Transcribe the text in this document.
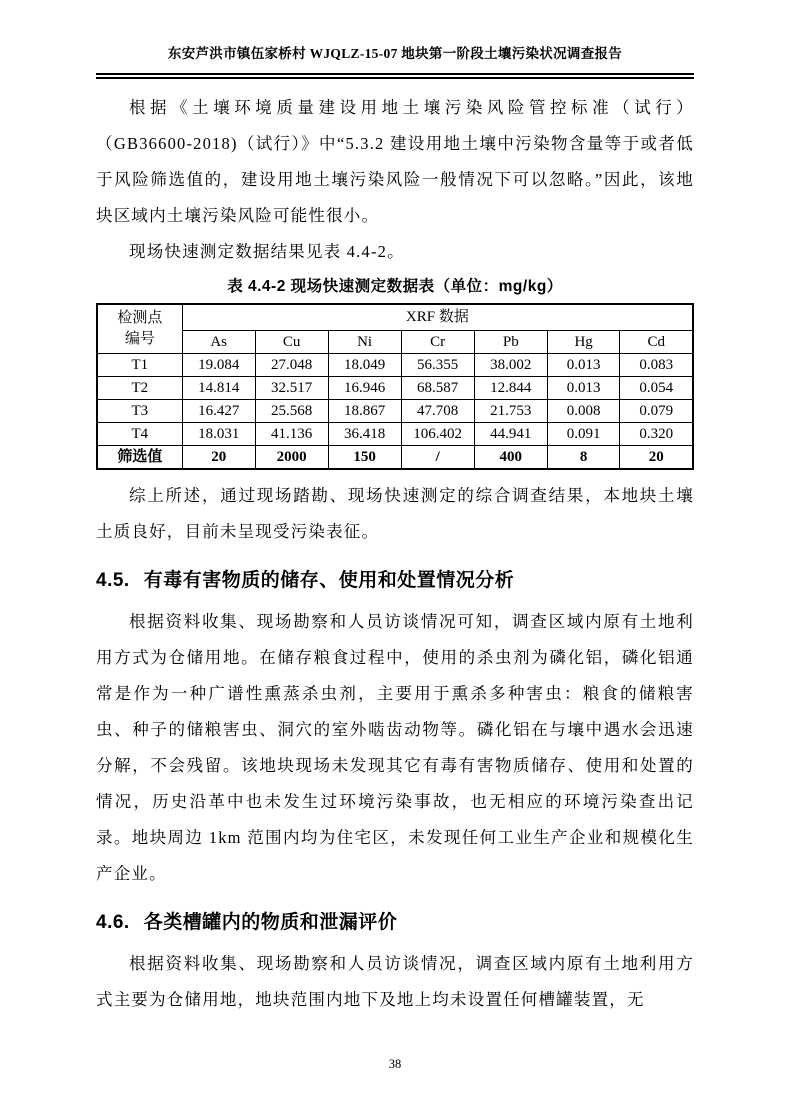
东安芦洪市镇伍家桥村 WJQLZ-15-07 地块第一阶段土壤污染状况调查报告

根据《土壤环境质量建设用地土壤污染风险管控标准（试行）（GB36600-2018)（试行）》中“5.3.2 建设用地土壤中污染物含量等于或者低于风险筛选值的，建设用地土壤污染风险一般情况下可以忽略。”因此，该地块区域内土壤污染风险可能性很小。

现场快速测定数据结果见表 4.4-2。

表 4.4-2 现场快速测定数据表（单位：mg/kg）
检测点
编号	XRF 数据						
	As	Cu	Ni	Cr	Pb	Hg	Cd
T1	19.084	27.048	18.049	56.355	38.002	0.013	0.083
T2	14.814	32.517	16.946	68.587	12.844	0.013	0.054
T3	16.427	25.568	18.867	47.708	21.753	0.008	0.079
T4	18.031	41.136	36.418	106.402	44.941	0.091	0.320
筛选值	20	2000	150	/	400	8	20

综上所述，通过现场踏勘、现场快速测定的综合调查结果，本地块土壤土质良好，目前未呈现受污染表征。

4.5. 有毒有害物质的储存、使用和处置情况分析

根据资料收集、现场勘察和人员访谈情况可知，调查区域内原有土地利用方式为仓储用地。在储存粮食过程中，使用的杀虫剂为磷化铝，磷化铝通常是作为一种广谱性熏蒸杀虫剂，主要用于熏杀多种害虫：粮食的储粮害虫、种子的储粮害虫、洞穴的室外啮齿动物等。磷化铝在与壤中遇水会迅速分解，不会残留。该地块现场未发现其它有毒有害物质储存、使用和处置的情况，历史沿革中也未发生过环境污染事故，也无相应的环境污染查出记录。地块周边 1km 范围内均为住宅区，未发现任何工业生产企业和规模化生产企业。

4.6. 各类槽罐内的物质和泄漏评价

根据资料收集、现场勘察和人员访谈情况，调查区域内原有土地利用方式主要为仓储用地，地块范围内地下及地上均未设置任何槽罐装置，无

38
